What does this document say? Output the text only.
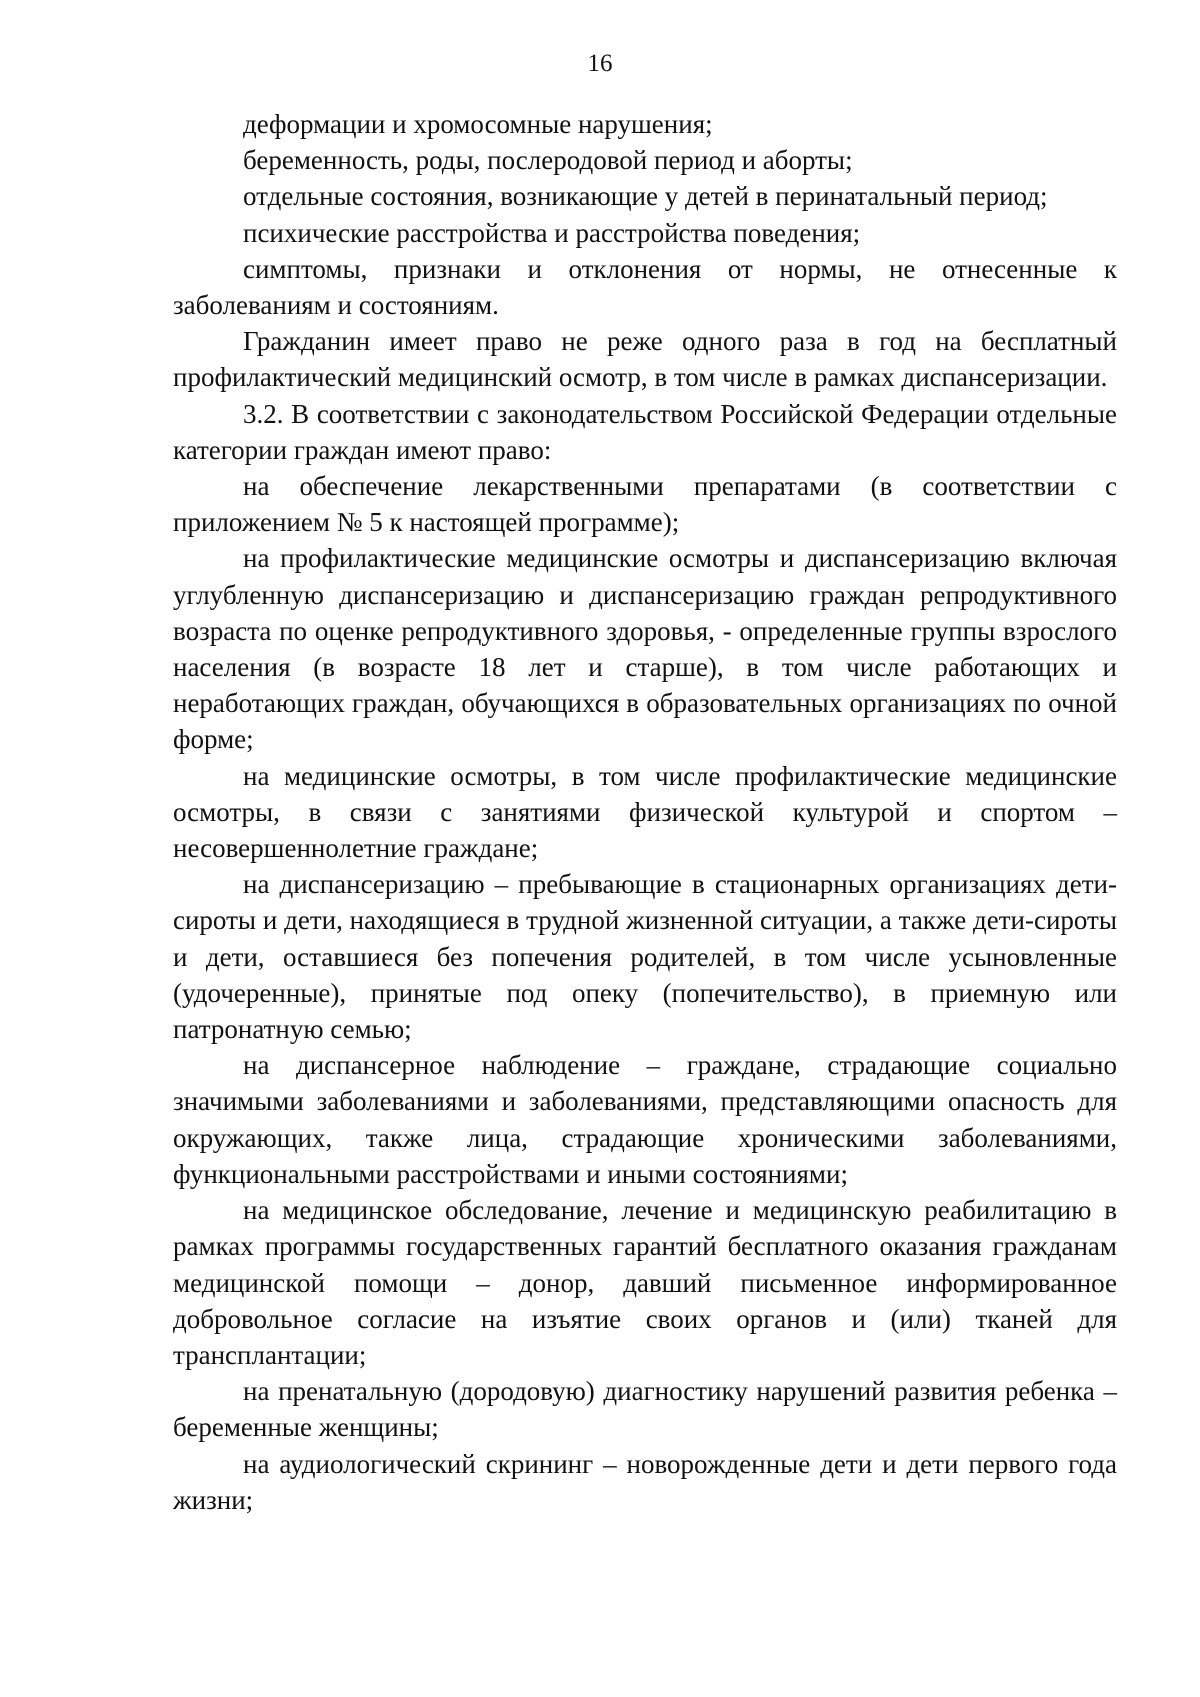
16

деформации и хромосомные нарушения;

беременность, роды, послеродовой период и аборты;

отдельные состояния, возникающие у детей в перинатальный период;

психические расстройства и расстройства поведения;

симптомы, признаки и отклонения от нормы, не отнесенные к заболеваниям и состояниям.

Гражданин имеет право не реже одного раза в год на бесплатный профилактический медицинский осмотр, в том числе в рамках диспансеризации.

3.2. В соответствии с законодательством Российской Федерации отдельные категории граждан имеют право:

на обеспечение лекарственными препаратами (в соответствии с приложением № 5 к настоящей программе);

на профилактические медицинские осмотры и диспансеризацию включая углубленную диспансеризацию и диспансеризацию граждан репродуктивного возраста по оценке репродуктивного здоровья, - определенные группы взрослого населения (в возрасте 18 лет и старше), в том числе работающих и неработающих граждан, обучающихся в образовательных организациях по очной форме;

на медицинские осмотры, в том числе профилактические медицинские осмотры, в связи с занятиями физической культурой и спортом – несовершеннолетние граждане;

на диспансеризацию – пребывающие в стационарных организациях дети-сироты и дети, находящиеся в трудной жизненной ситуации, а также дети-сироты и дети, оставшиеся без попечения родителей, в том числе усыновленные (удочеренные), принятые под опеку (попечительство), в приемную или патронатную семью;

на диспансерное наблюдение – граждане, страдающие социально значимыми заболеваниями и заболеваниями, представляющими опасность для окружающих, также лица, страдающие хроническими заболеваниями, функциональными расстройствами и иными состояниями;

на медицинское обследование, лечение и медицинскую реабилитацию в рамках программы государственных гарантий бесплатного оказания гражданам медицинской помощи – донор, давший письменное информированное добровольное согласие на изъятие своих органов и (или) тканей для трансплантации;

на пренатальную (дородовую) диагностику нарушений развития ребенка – беременные женщины;

на аудиологический скрининг – новорожденные дети и дети первого года жизни;
